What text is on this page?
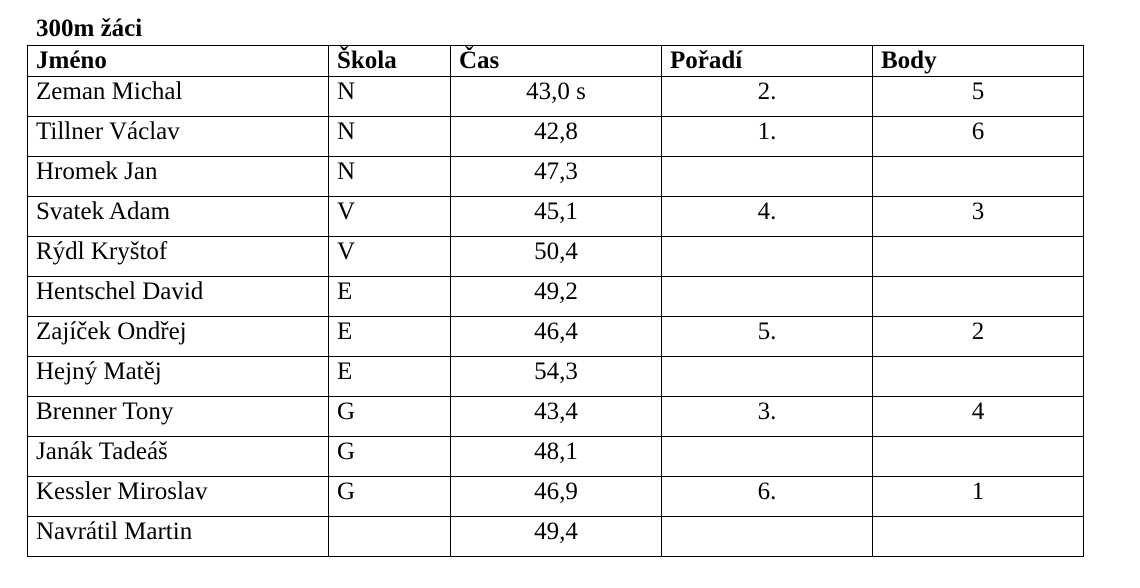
300m žáci
Jméno	Škola	Čas	Pořadí	Body
Zeman Michal	N	43,0 s	2.	5
Tillner Václav	N	42,8	1.	6
Hromek Jan	N	47,3		
Svatek Adam	V	45,1	4.	3
Rýdl Kryštof	V	50,4		
Hentschel David	E	49,2		
Zajíček Ondřej	E	46,4	5.	2
Hejný Matěj	E	54,3		
Brenner Tony	G	43,4	3.	4
Janák Tadeáš	G	48,1		
Kessler Miroslav	G	46,9	6.	1
Navrátil Martin		49,4		
